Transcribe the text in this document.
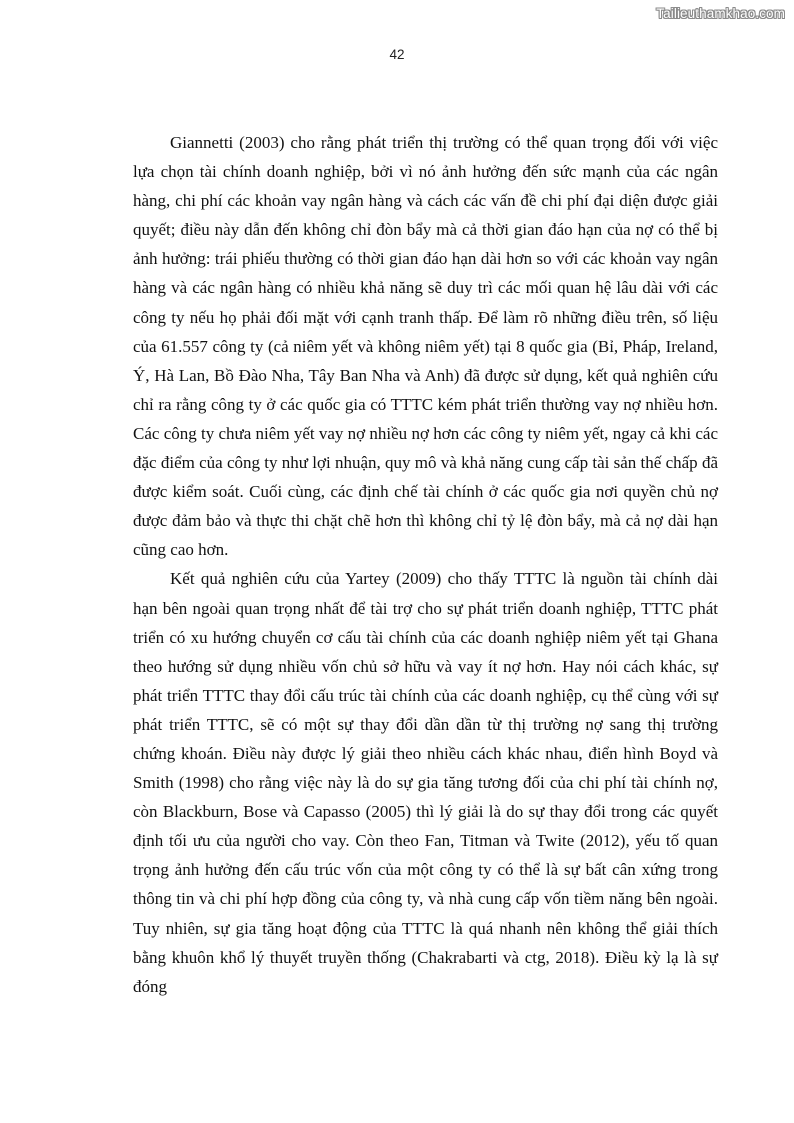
Tailieuthamkhao.com
42

Giannetti (2003) cho rằng phát triển thị trường có thể quan trọng đối với việc lựa chọn tài chính doanh nghiệp, bởi vì nó ảnh hưởng đến sức mạnh của các ngân hàng, chi phí các khoản vay ngân hàng và cách các vấn đề chi phí đại diện được giải quyết; điều này dẫn đến không chỉ đòn bẩy mà cả thời gian đáo hạn của nợ có thể bị ảnh hưởng: trái phiếu thường có thời gian đáo hạn dài hơn so với các khoản vay ngân hàng và các ngân hàng có nhiều khả năng sẽ duy trì các mối quan hệ lâu dài với các công ty nếu họ phải đối mặt với cạnh tranh thấp. Để làm rõ những điều trên, số liệu của 61.557 công ty (cả niêm yết và không niêm yết) tại 8 quốc gia (Bỉ, Pháp, Ireland, Ý, Hà Lan, Bồ Đào Nha, Tây Ban Nha và Anh) đã được sử dụng, kết quả nghiên cứu chỉ ra rằng công ty ở các quốc gia có TTTC kém phát triển thường vay nợ nhiều hơn. Các công ty chưa niêm yết vay nợ nhiều nợ hơn các công ty niêm yết, ngay cả khi các đặc điểm của công ty như lợi nhuận, quy mô và khả năng cung cấp tài sản thế chấp đã được kiểm soát. Cuối cùng, các định chế tài chính ở các quốc gia nơi quyền chủ nợ được đảm bảo và thực thi chặt chẽ hơn thì không chỉ tỷ lệ đòn bẩy, mà cả nợ dài hạn cũng cao hơn.

Kết quả nghiên cứu của Yartey (2009) cho thấy TTTC là nguồn tài chính dài hạn bên ngoài quan trọng nhất để tài trợ cho sự phát triển doanh nghiệp, TTTC phát triển có xu hướng chuyển cơ cấu tài chính của các doanh nghiệp niêm yết tại Ghana theo hướng sử dụng nhiều vốn chủ sở hữu và vay ít nợ hơn. Hay nói cách khác, sự phát triển TTTC thay đổi cấu trúc tài chính của các doanh nghiệp, cụ thể cùng với sự phát triển TTTC, sẽ có một sự thay đổi dần dần từ thị trường nợ sang thị trường chứng khoán. Điều này được lý giải theo nhiều cách khác nhau, điển hình Boyd và Smith (1998) cho rằng việc này là do sự gia tăng tương đối của chi phí tài chính nợ, còn Blackburn, Bose và Capasso (2005) thì lý giải là do sự thay đổi trong các quyết định tối ưu của người cho vay. Còn theo Fan, Titman và Twite (2012), yếu tố quan trọng ảnh hưởng đến cấu trúc vốn của một công ty có thể là sự bất cân xứng trong thông tin và chi phí hợp đồng của công ty, và nhà cung cấp vốn tiềm năng bên ngoài. Tuy nhiên, sự gia tăng hoạt động của TTTC là quá nhanh nên không thể giải thích bằng khuôn khổ lý thuyết truyền thống (Chakrabarti và ctg, 2018). Điều kỳ lạ là sự đóng
